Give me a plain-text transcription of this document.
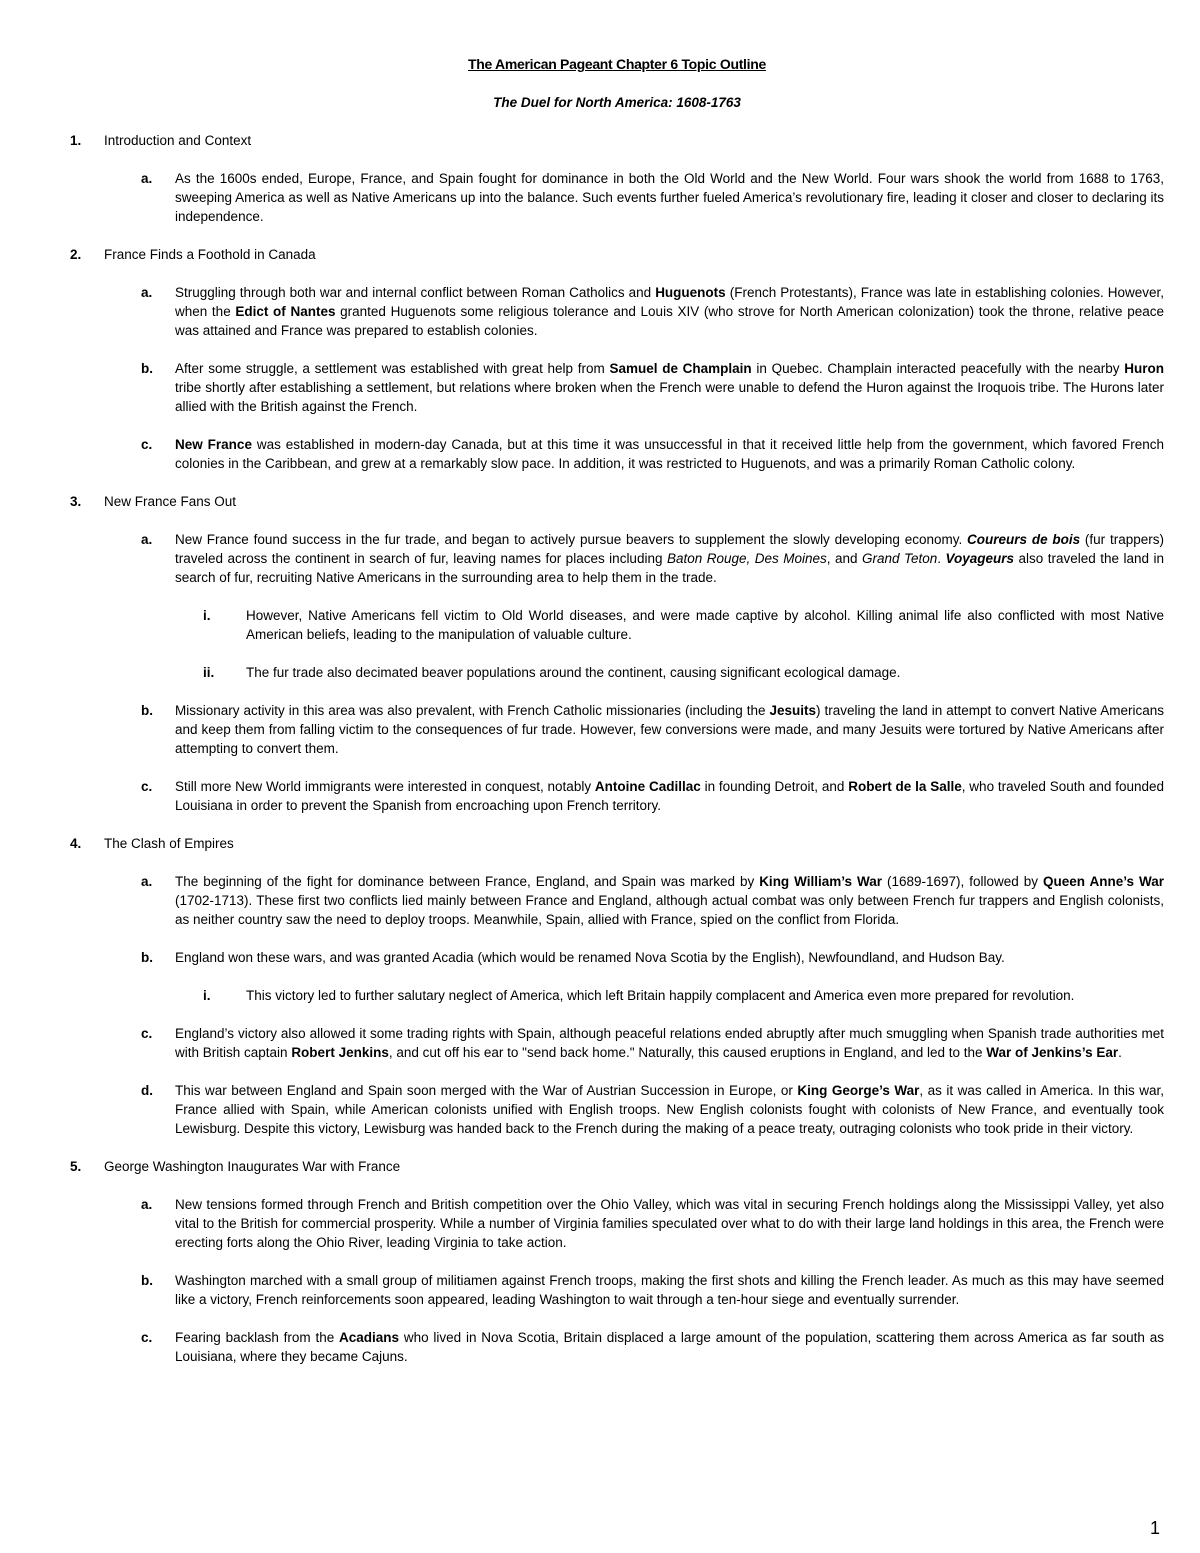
The American Pageant Chapter 6 Topic Outline

The Duel for North America: 1608-1763

1.	Introduction and Context
a.	As the 1600s ended, Europe, France, and Spain fought for dominance in both the Old World and the New World. Four wars shook the world from 1688 to 1763, sweeping America as well as Native Americans up into the balance. Such events further fueled America’s revolutionary fire, leading it closer and closer to declaring its independence.
2.	France Finds a Foothold in Canada
a.	Struggling through both war and internal conflict between Roman Catholics and Huguenots (French Protestants), France was late in establishing colonies. However, when the Edict of Nantes granted Huguenots some religious tolerance and Louis XIV (who strove for North American colonization) took the throne, relative peace was attained and France was prepared to establish colonies.
b.	After some struggle, a settlement was established with great help from Samuel de Champlain in Quebec. Champlain interacted peacefully with the nearby Huron tribe shortly after establishing a settlement, but relations where broken when the French were unable to defend the Huron against the Iroquois tribe. The Hurons later allied with the British against the French.
c.	New France was established in modern-day Canada, but at this time it was unsuccessful in that it received little help from the government, which favored French colonies in the Caribbean, and grew at a remarkably slow pace. In addition, it was restricted to Huguenots, and was a primarily Roman Catholic colony.
3.	New France Fans Out
a.	New France found success in the fur trade, and began to actively pursue beavers to supplement the slowly developing economy. Coureurs de bois (fur trappers) traveled across the continent in search of fur, leaving names for places including Baton Rouge, Des Moines, and Grand Teton. Voyageurs also traveled the land in search of fur, recruiting Native Americans in the surrounding area to help them in the trade.
i.	However, Native Americans fell victim to Old World diseases, and were made captive by alcohol. Killing animal life also conflicted with most Native American beliefs, leading to the manipulation of valuable culture.
ii.	The fur trade also decimated beaver populations around the continent, causing significant ecological damage.
b.	Missionary activity in this area was also prevalent, with French Catholic missionaries (including the Jesuits) traveling the land in attempt to convert Native Americans and keep them from falling victim to the consequences of fur trade. However, few conversions were made, and many Jesuits were tortured by Native Americans after attempting to convert them.
c.	Still more New World immigrants were interested in conquest, notably Antoine Cadillac in founding Detroit, and Robert de la Salle, who traveled South and founded Louisiana in order to prevent the Spanish from encroaching upon French territory.
4.	The Clash of Empires
a.	The beginning of the fight for dominance between France, England, and Spain was marked by King William’s War (1689-1697), followed by Queen Anne’s War (1702-1713). These first two conflicts lied mainly between France and England, although actual combat was only between French fur trappers and English colonists, as neither country saw the need to deploy troops. Meanwhile, Spain, allied with France, spied on the conflict from Florida.
b.	England won these wars, and was granted Acadia (which would be renamed Nova Scotia by the English), Newfoundland, and Hudson Bay.
i.	This victory led to further salutary neglect of America, which left Britain happily complacent and America even more prepared for revolution.
c.	England’s victory also allowed it some trading rights with Spain, although peaceful relations ended abruptly after much smuggling when Spanish trade authorities met with British captain Robert Jenkins, and cut off his ear to "send back home." Naturally, this caused eruptions in England, and led to the War of Jenkins’s Ear.
d.	This war between England and Spain soon merged with the War of Austrian Succession in Europe, or King George’s War, as it was called in America. In this war, France allied with Spain, while American colonists unified with English troops. New English colonists fought with colonists of New France, and eventually took Lewisburg. Despite this victory, Lewisburg was handed back to the French during the making of a peace treaty, outraging colonists who took pride in their victory.
5.	George Washington Inaugurates War with France
a.	New tensions formed through French and British competition over the Ohio Valley, which was vital in securing French holdings along the Mississippi Valley, yet also vital to the British for commercial prosperity. While a number of Virginia families speculated over what to do with their large land holdings in this area, the French were erecting forts along the Ohio River, leading Virginia to take action.
b.	Washington marched with a small group of militiamen against French troops, making the first shots and killing the French leader. As much as this may have seemed like a victory, French reinforcements soon appeared, leading Washington to wait through a ten-hour siege and eventually surrender.
c.	Fearing backlash from the Acadians who lived in Nova Scotia, Britain displaced a large amount of the population, scattering them across America as far south as Louisiana, where they became Cajuns.
1
